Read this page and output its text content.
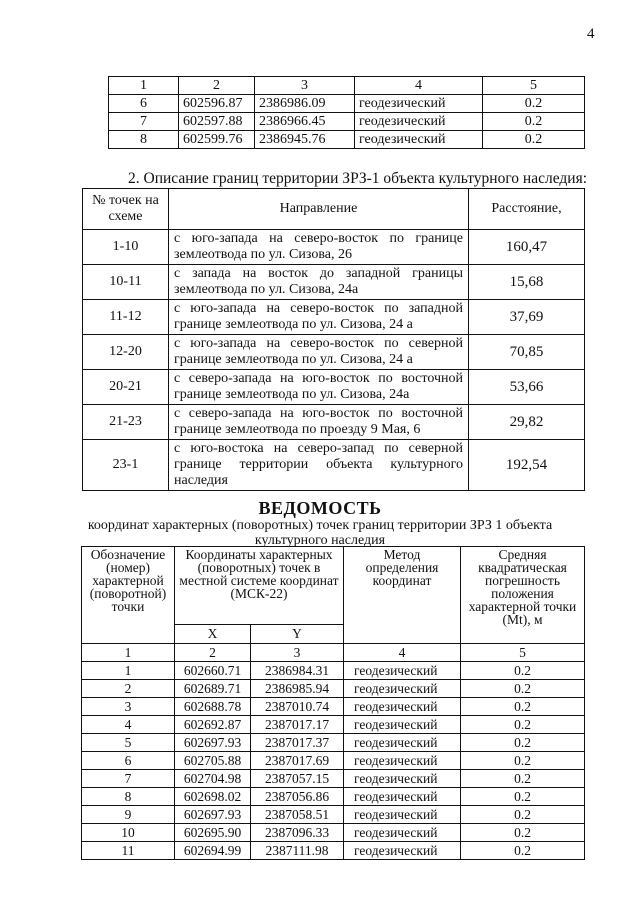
4
1	2	3	4	5
6	602596.87	2386986.09	геодезический	0.2
7	602597.88	2386966.45	геодезический	0.2
8	602599.76	2386945.76	геодезический	0.2
2. Описание границ территории ЗРЗ-1 объекта культурного наследия:
№ точек на схеме	Направление	Расстояние,
1-10	с юго-запада на северо-восток по границе землеотвода по ул. Сизова, 26	160,47
10-11	с запада на восток до западной границы землеотвода по ул. Сизова, 24а	15,68
11-12	с юго-запада на северо-восток по западной границе землеотвода по ул. Сизова, 24 а	37,69
12-20	с юго-запада на северо-восток по северной границе землеотвода по ул. Сизова, 24 а	70,85
20-21	с северо-запада на юго-восток по восточной границе землеотвода по ул. Сизова, 24а	53,66
21-23	с северо-запада на юго-восток по восточной границе землеотвода по проезду 9 Мая, 6	29,82
23-1	с юго-востока на северо-запад по северной границе территории объекта культурного наследия	192,54
ВЕДОМОСТЬ
координат характерных (поворотных) точек границ территории ЗРЗ 1 объекта
культурного наследия
Обозначение (номер) характерной (поворотной) точки	Координаты характерных (поворотных) точек в местной системе координат (МСК-22)		Метод определения координат	Средняя квадратическая погрешность положения характерной точки (Mt), м
	X	Y		
1	2	3	4	5
1	602660.71	2386984.31	геодезический	0.2
2	602689.71	2386985.94	геодезический	0.2
3	602688.78	2387010.74	геодезический	0.2
4	602692.87	2387017.17	геодезический	0.2
5	602697.93	2387017.37	геодезический	0.2
6	602705.88	2387017.69	геодезический	0.2
7	602704.98	2387057.15	геодезический	0.2
8	602698.02	2387056.86	геодезический	0.2
9	602697.93	2387058.51	геодезический	0.2
10	602695.90	2387096.33	геодезический	0.2
11	602694.99	2387111.98	геодезический	0.2
